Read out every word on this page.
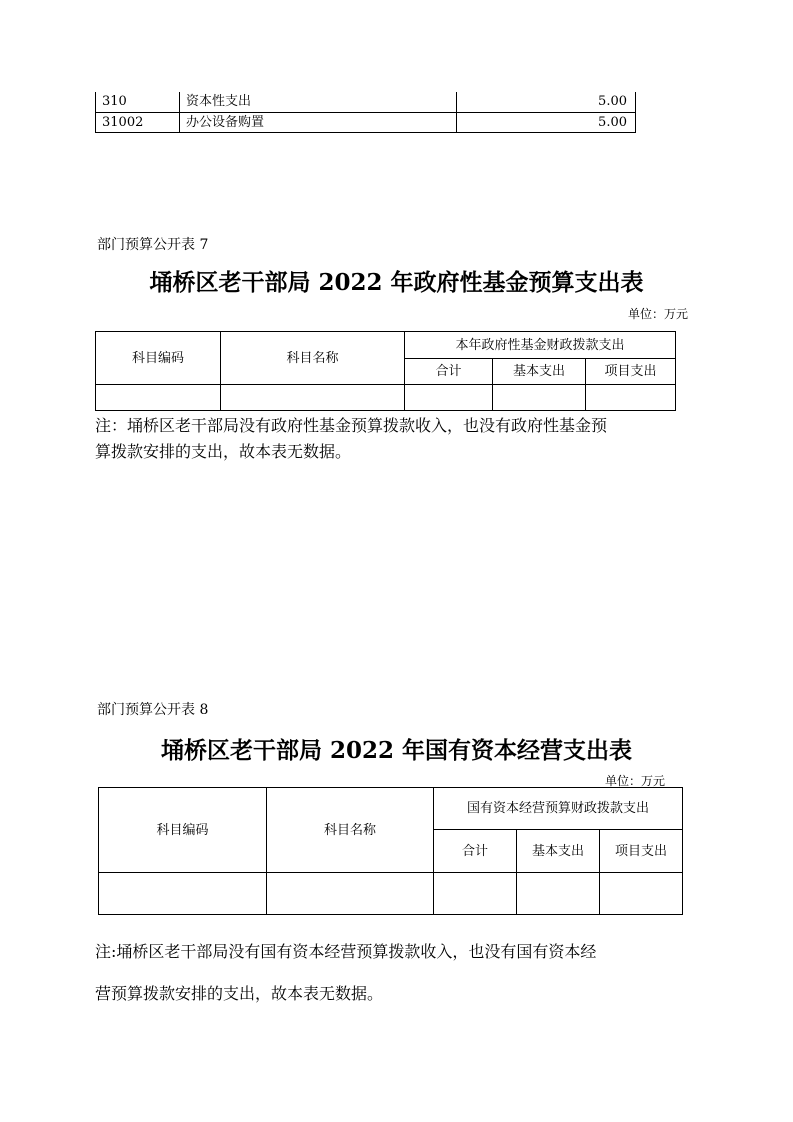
310	资本性支出	5.00
31002	办公设备购置	5.00
部门预算公开表 7
埇桥区老干部局 2022 年政府性基金预算支出表
单位：万元
科目编码	科目名称	本年政府性基金财政拨款支出		
		合计	基本支出	项目支出

注：埇桥区老干部局没有政府性基金预算拨款收入，也没有政府性基金预
算拨款安排的支出，故本表无数据。
部门预算公开表 8
埇桥区老干部局 2022 年国有资本经营支出表
单位：万元
科目编码	科目名称	国有资本经营预算财政拨款支出		
		合计	基本支出	项目支出

注:埇桥区老干部局没有国有资本经营预算拨款收入，也没有国有资本经
营预算拨款安排的支出，故本表无数据。
